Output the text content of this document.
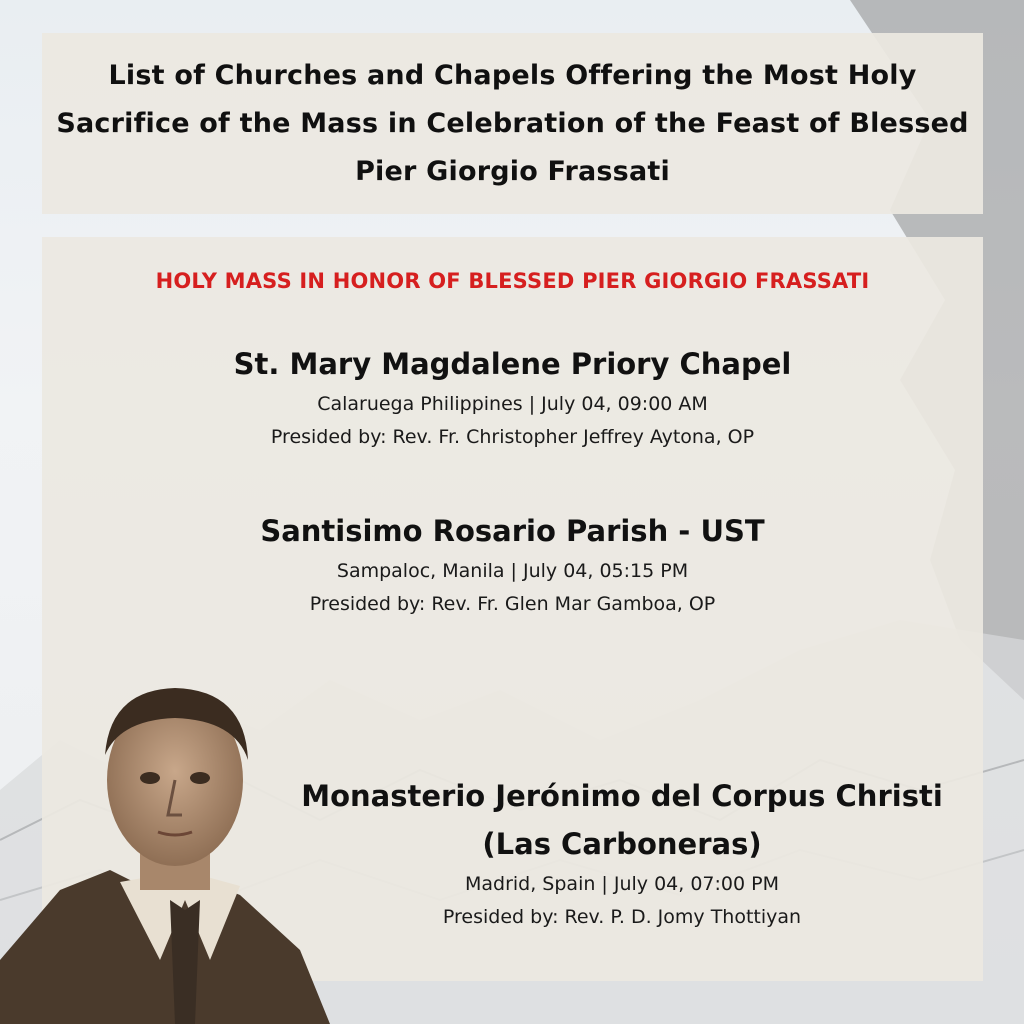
List of Churches and Chapels Offering the Most Holy Sacrifice of the Mass in Celebration of the Feast of Blessed Pier Giorgio Frassati
HOLY MASS IN HONOR OF BLESSED PIER GIORGIO FRASSATI
St. Mary Magdalene Priory Chapel
Calaruega Philippines | July 04, 09:00 AM
Presided by: Rev. Fr. Christopher Jeffrey Aytona, OP
Santisimo Rosario Parish - UST
Sampaloc, Manila | July 04, 05:15 PM
Presided by: Rev. Fr. Glen Mar Gamboa, OP
Monasterio Jerónimo del Corpus Christi (Las Carboneras)
Madrid, Spain | July 04, 07:00 PM
Presided by: Rev. P. D. Jomy Thottiyan
